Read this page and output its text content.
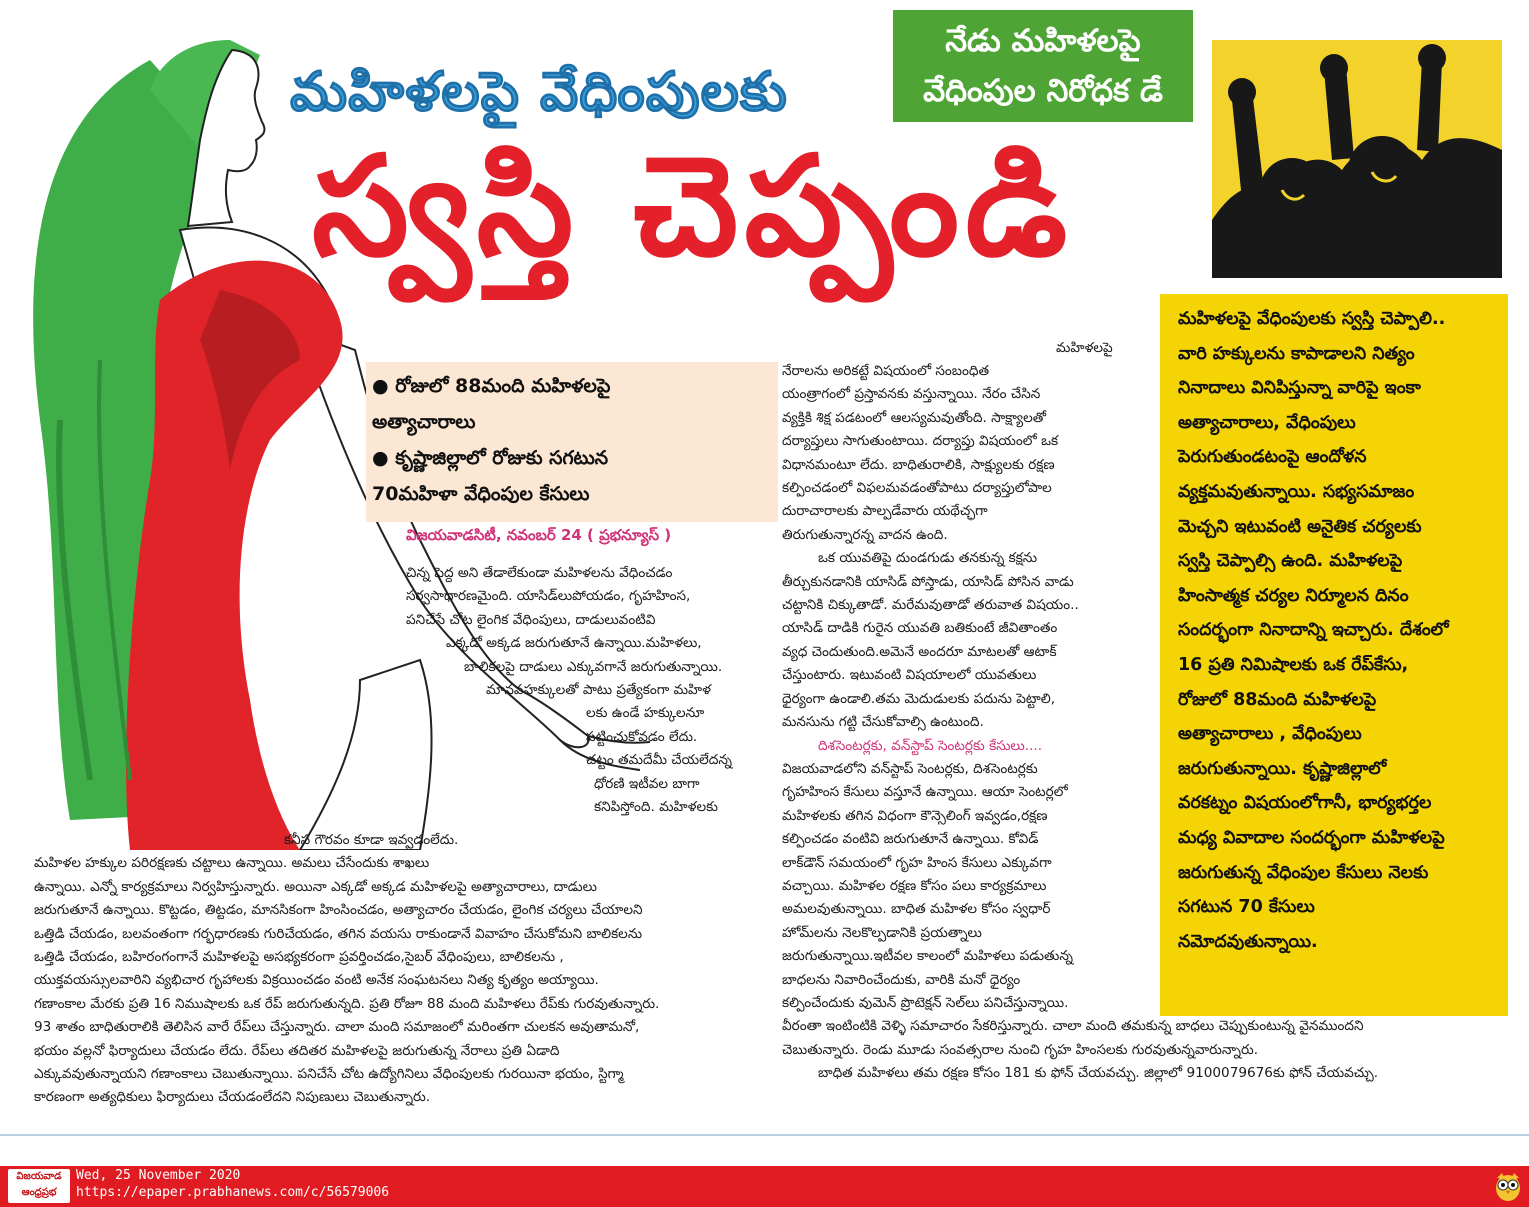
మహిళలపై వేధింపులకు
స్వస్తి చెప్పండి
నేడు మహిళలపై
వేధింపుల నిరోధక డే
● రోజులో 88మంది మహిళలపై
అత్యాచారాలు
● కృష్ణాజిల్లాలో రోజుకు సగటున
70మహిళా వేధింపుల కేసులు
విజయవాడసిటీ, నవంబర్ 24 ( ప్రభన్యూస్ )
చిన్న పెద్ద అని తేడాలేకుండా మహిళలను వేధించడం
సర్వసాధారణమైంది. యాసిడ్‌లుపోయడం, గృహహింస,
పనిచేసే చోట లైంగిక వేధింపులు, దాడులువంటివి
ఎక్కడో అక్కడ జరుగుతూనే ఉన్నాయి.మహిళలు,
బాలికలపై దాడులు ఎక్కువగానే జరుగుతున్నాయి.
మానవహక్కులతో పాటు ప్రత్యేకంగా మహిళ
లకు ఉండే హక్కులనూ
పట్టించుకోవడం లేదు.
చట్టం తమదేమీ చేయలేదన్న
ధోరణి ఇటీవల బాగా
కనిపిస్తోంది. మహిళలకు
కనీస గౌరవం కూడా ఇవ్వడంలేదు.
మహిళల హక్కుల పరిరక్షణకు చట్టాలు ఉన్నాయి. అమలు చేసేందుకు శాఖలు
ఉన్నాయి. ఎన్నో కార్యక్రమాలు నిర్వహిస్తున్నారు. అయినా ఎక్కడో అక్కడ మహిళలపై అత్యాచారాలు, దాడులు
జరుగుతూనే ఉన్నాయి. కొట్టడం, తిట్టడం, మానసికంగా హింసించడం, అత్యాచారం చేయడం, లైంగిక చర్యలు చేయాలని
ఒత్తిడి చేయడం, బలవంతంగా గర్భధారణకు గురిచేయడం, తగిన వయసు రాకుండానే వివాహం చేసుకోమని బాలికలను
ఒత్తిడి చేయడం, బహిరంగంగానే మహిళలపై అసభ్యకరంగా ప్రవర్తించడం,సైబర్ వేధింపులు, బాలికలను ,
యుక్తవయస్సులవారిని వ్యభిచార గృహాలకు విక్రయించడం వంటి అనేక సంఘటనలు నిత్య కృత్యం అయ్యాయి.
గణాంకాల మేరకు ప్రతి 16 నిముషాలకు ఒక రేప్ జరుగుతున్నది. ప్రతి రోజూ 88 మంది మహిళలు రేప్‌కు గురవుతున్నారు.
93 శాతం బాధితురాలికి తెలిసిన వారే రేప్‌లు చేస్తున్నారు. చాలా మంది సమాజంలో మరింతగా చులకన అవుతామనో,
భయం వల్లనో ఫిర్యాదులు చేయడం లేదు. రేప్‌లు తదితర మహిళలపై జరుగుతున్న నేరాలు ప్రతి ఏడాది
ఎక్కువవుతున్నాయని గణాంకాలు చెబుతున్నాయి. పనిచేసే చోట ఉద్యోగినిలు వేధింపులకు గురయినా భయం, స్టిగ్మా
కారణంగా అత్యధికులు ఫిర్యాదులు చేయడంలేదని నిపుణులు చెబుతున్నారు.
మహిళలపై
నేరాలను అరికట్టే విషయంలో సంబంధిత
యంత్రాగంలో ప్రస్తావనకు వస్తున్నాయి. నేరం చేసిన
వ్యక్తికి శిక్ష పడటంలో ఆలస్యమవుతోంది. సాక్ష్యాలతో
దర్యాప్తులు సాగుతుంటాయి. దర్యాప్తు విషయంలో ఒక
విధానమంటూ లేదు. బాధితురాలికి, సాక్ష్యులకు రక్షణ
కల్పించడంలో విఫలమవడంతోపాటు దర్యాప్తులోపాల
దురాచారాలకు పాల్పడేవారు యథేచ్ఛగా
తిరుగుతున్నారన్న వాదన ఉంది.
ఒక యువతిపై దుండగుడు తనకున్న కక్షను
తీర్చుకునడానికి యాసిడ్ పోస్తాడు, యాసిడ్ పోసిన వాడు
చట్టానికి చిక్కుతాడో. మరేమవుతాడో తరువాత విషయం..
యాసిడ్ దాడికి గురైన యువతి బతికుంటే జీవితాంతం
వ్యధ చెందుతుంది.అమెనే అందరూ మాటలతో ఆటాక్
చేస్తుంటారు. ఇటువంటి విషయాలలో యువతులు
ధైర్యంగా ఉండాలి.తమ మెదుడులకు పదును పెట్టాలి,
మనసును గట్టి చేసుకోవాల్సి ఉంటుంది.
దిశసెంటర్లకు, వన్‌స్టాప్ సెంటర్లకు కేసులు....
విజయవాడలోని వన్‌స్టాప్ సెంటర్లకు, దిశసెంటర్లకు
గృహహింస కేసులు వస్తూనే ఉన్నాయి. ఆయా సెంటర్లలో
మహిళలకు తగిన విధంగా కౌన్సెలింగ్ ఇవ్వడం,రక్షణ
కల్పించడం వంటివి జరుగుతూనే ఉన్నాయి. కోవిడ్
లాక్‌డౌన్ సమయంలో గృహ హింస కేసులు ఎక్కువగా
వచ్చాయి. మహిళల రక్షణ కోసం పలు కార్యక్రమాలు
అమలవుతున్నాయి. బాధిత మహిళల కోసం స్వధార్
హోమ్‌లను నెలకొల్పడానికి ప్రయత్నాలు
జరుగుతున్నాయి.ఇటీవల కాలంలో మహిళలు పడుతున్న
బాధలను నివారించేందుకు, వారికి మనో ధైర్యం
కల్పించేందుకు వుమెన్ ప్రొటెక్షన్ సెల్‌లు పనిచేస్తున్నాయి.
వీరంతా ఇంటింటికి వెళ్ళి సమాచారం సేకరిస్తున్నారు. చాలా మంది తమకున్న బాధలు చెప్పుకుంటున్న వైనముందని
చెబుతున్నారు. రెండు మూడు సంవత్సరాల నుంచి గృహ హింసలకు గురవుతున్నవారున్నారు.
బాధిత మహిళలు తమ రక్షణ కోసం 181 కు ఫోన్ చేయవచ్చు. జిల్లాలో 9100079676కు ఫోన్ చేయవచ్చు.
మహిళలపై వేధింపులకు స్వస్తి చెప్పాలి..
వారి హక్కులను కాపాడాలని నిత్యం
నినాదాలు వినిపిస్తున్నా వారిపై ఇంకా
అత్యాచారాలు, వేధింపులు
పెరుగుతుండటంపై ఆందోళన
వ్యక్తమవుతున్నాయి. సభ్యసమాజం
మెచ్చని ఇటువంటి అనైతిక చర్యలకు
స్వస్తి చెప్పాల్సి ఉంది. మహిళలపై
హింసాత్మక చర్యల నిర్మూలన దినం
సందర్భంగా నినాదాన్ని ఇచ్చారు. దేశంలో
16 ప్రతి నిమిషాలకు ఒక రేప్‌కేసు,
రోజులో 88మంది మహిళలపై
అత్యాచారాలు , వేధింపులు
జరుగుతున్నాయి. కృష్ణాజిల్లాలో
వరకట్నం విషయంలోగానీ, భార్యభర్తల
మధ్య వివాదాల సందర్భంగా మహిళలపై
జరుగుతున్న వేధింపుల కేసులు నెలకు
సగటున 70 కేసులు
నమోదవుతున్నాయి.
విజయవాడ
ఆంధ్రప్రభ
Wed, 25 November 2020
https://epaper.prabhanews.com/c/56579006
